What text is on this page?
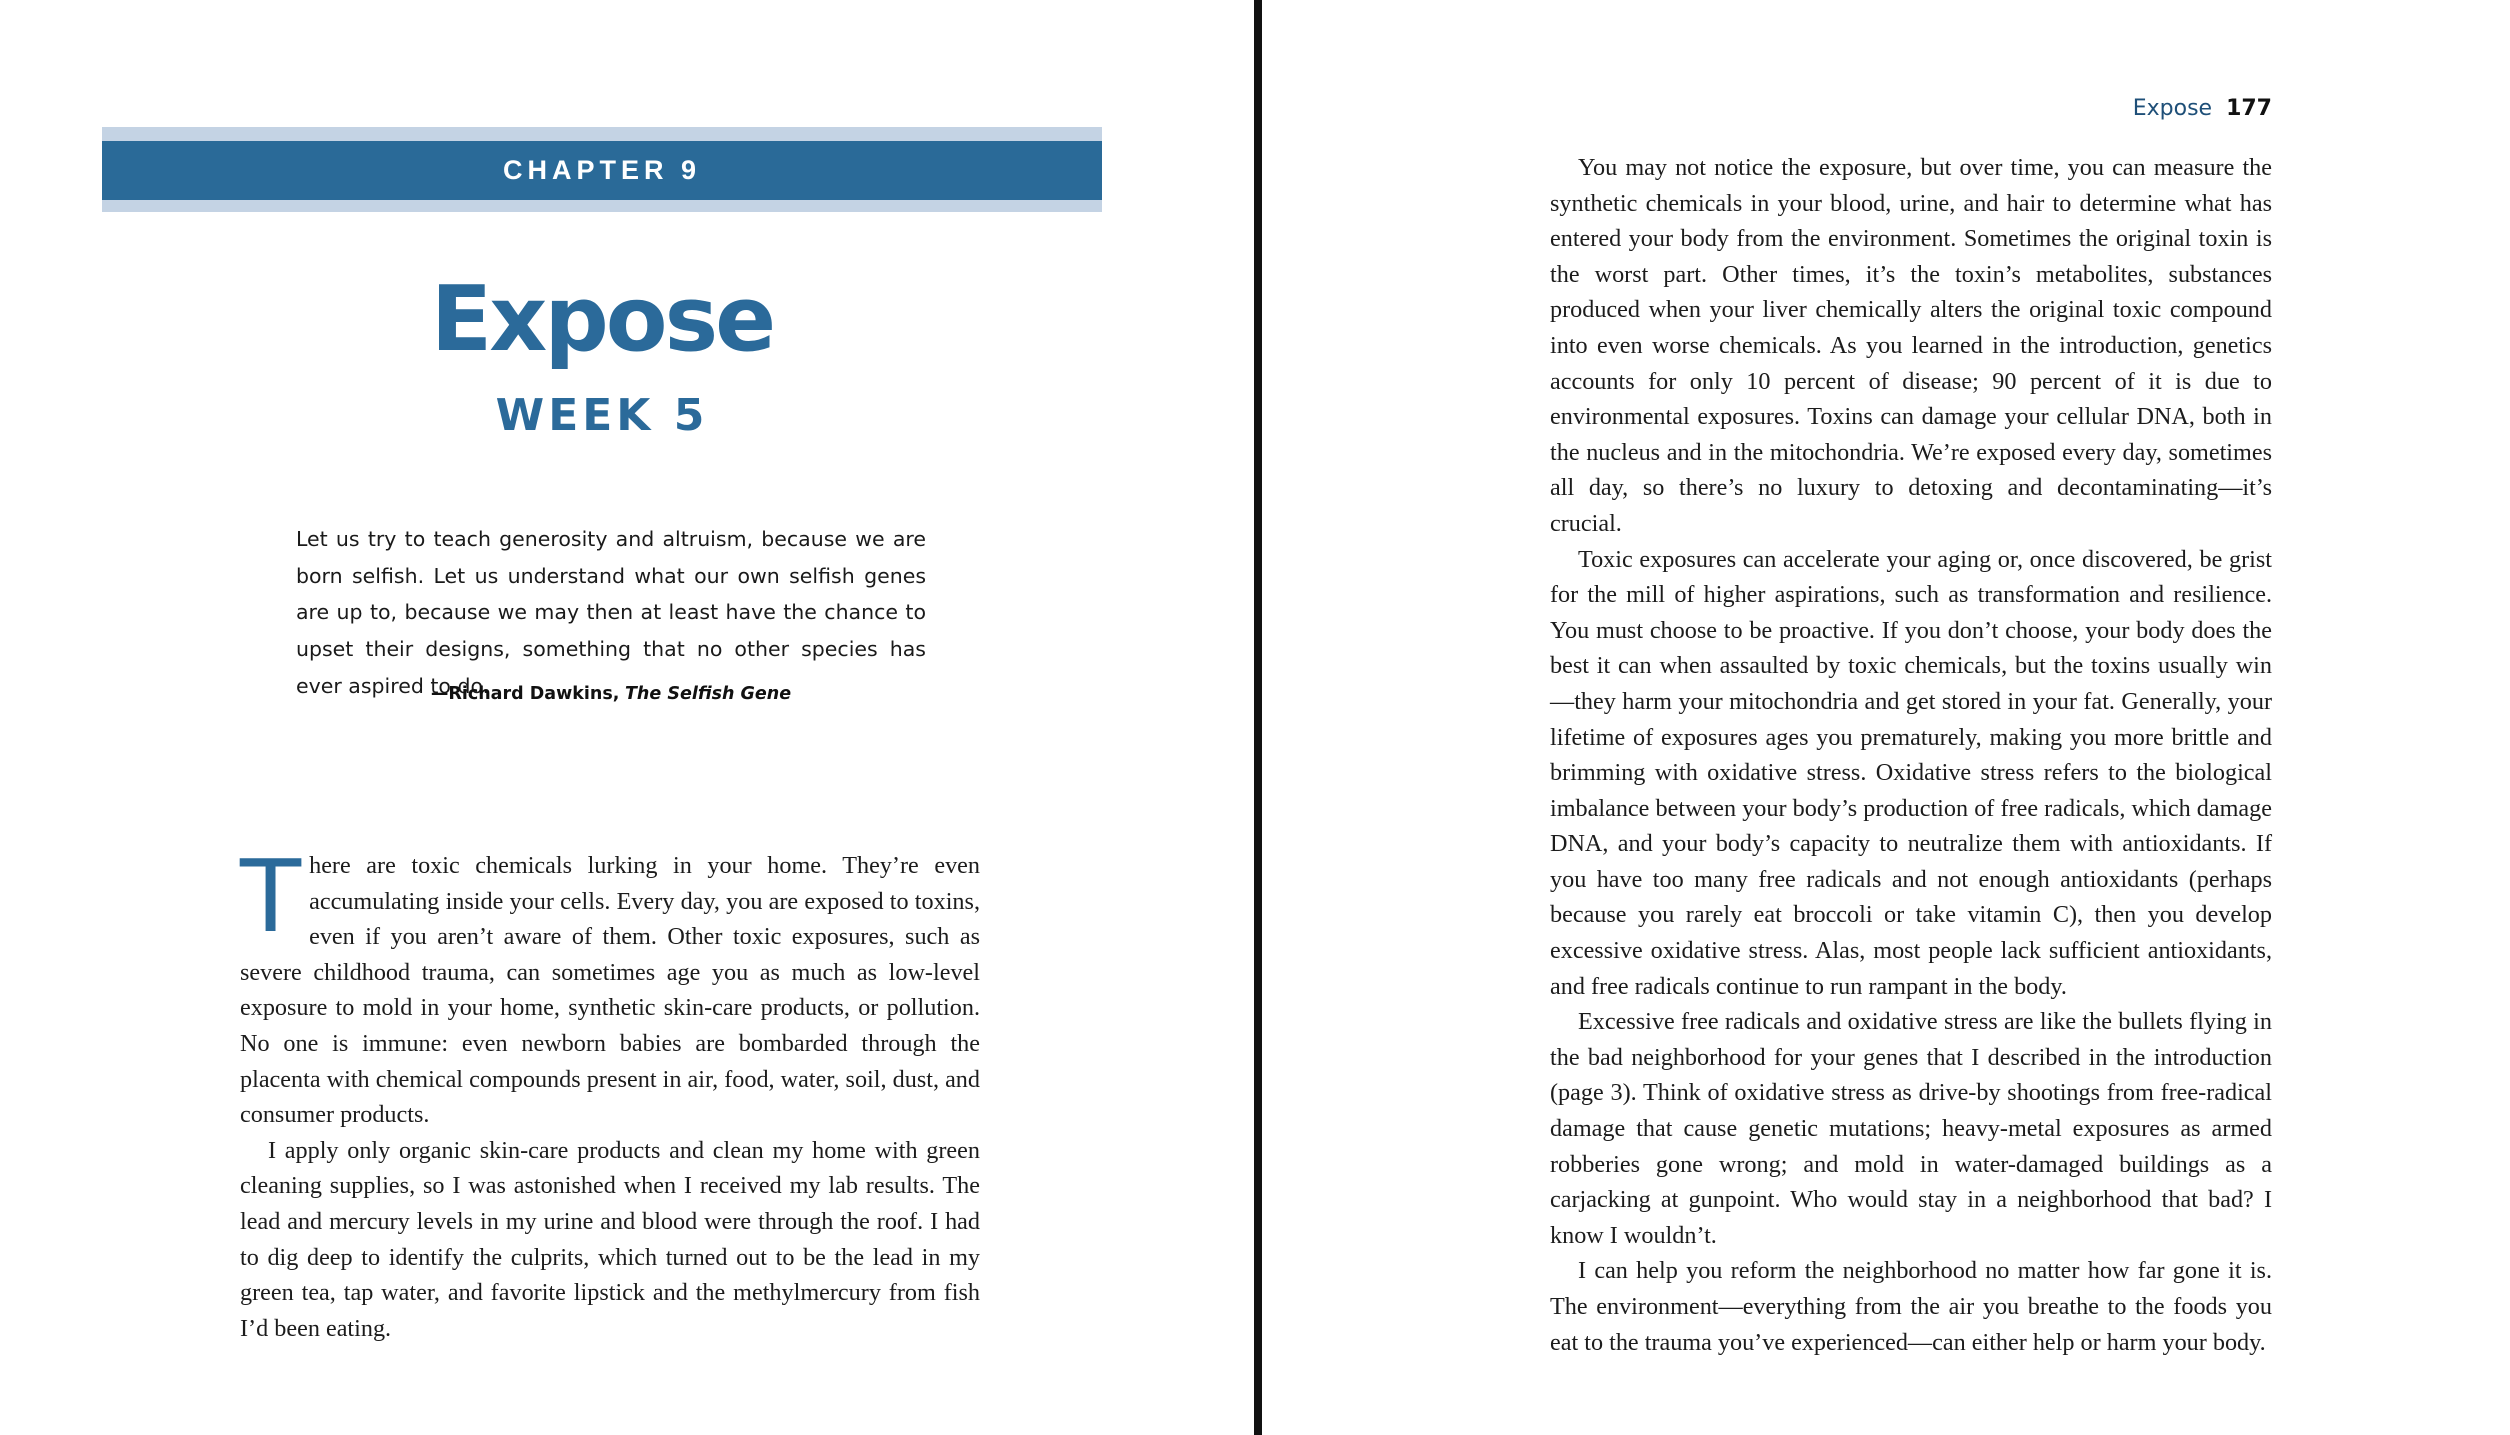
CHAPTER 9
Expose
WEEK 5

Let us try to teach generosity and altruism, because we are born selfish. Let us understand what our own selfish genes are up to, because we may then at least have the chance to upset their designs, something that no other species has ever aspired to do.

—Richard Dawkins, The Selfish Gene

There are toxic chemicals lurking in your home. They’re even accumulating inside your cells. Every day, you are exposed to toxins, even if you aren’t aware of them. Other toxic exposures, such as severe childhood trauma, can sometimes age you as much as low-level exposure to mold in your home, synthetic skin-care products, or pollution. No one is immune: even newborn babies are bombarded through the placenta with chemical compounds present in air, food, water, soil, dust, and consumer products.

I apply only organic skin-care products and clean my home with green cleaning supplies, so I was astonished when I received my lab results. The lead and mercury levels in my urine and blood were through the roof. I had to dig deep to identify the culprits, which turned out to be the lead in my green tea, tap water, and favorite lipstick and the methylmercury from fish I’d been eating.

Expose 177

You may not notice the exposure, but over time, you can measure the synthetic chemicals in your blood, urine, and hair to determine what has entered your body from the environment. Sometimes the original toxin is the worst part. Other times, it’s the toxin’s metabolites, substances produced when your liver chemically alters the original toxic compound into even worse chemicals. As you learned in the introduction, genetics accounts for only 10 percent of disease; 90 percent of it is due to environmental exposures. Toxins can damage your cellular DNA, both in the nucleus and in the mitochondria. We’re exposed every day, sometimes all day, so there’s no luxury to detoxing and decontaminating—it’s crucial.

Toxic exposures can accelerate your aging or, once discovered, be grist for the mill of higher aspirations, such as transformation and resilience. You must choose to be proactive. If you don’t choose, your body does the best it can when assaulted by toxic chemicals, but the toxins usually win—they harm your mitochondria and get stored in your fat. Generally, your lifetime of exposures ages you prematurely, making you more brittle and brimming with oxidative stress. Oxidative stress refers to the biological imbalance between your body’s production of free radicals, which damage DNA, and your body’s capacity to neutralize them with antioxidants. If you have too many free radicals and not enough antioxidants (perhaps because you rarely eat broccoli or take vitamin C), then you develop excessive oxidative stress. Alas, most people lack sufficient antioxidants, and free radicals continue to run rampant in the body.

Excessive free radicals and oxidative stress are like the bullets flying in the bad neighborhood for your genes that I described in the introduction (page 3). Think of oxidative stress as drive-by shootings from free-radical damage that cause genetic mutations; heavy-metal exposures as armed robberies gone wrong; and mold in water-damaged buildings as a carjacking at gunpoint. Who would stay in a neighborhood that bad? I know I wouldn’t.

I can help you reform the neighborhood no matter how far gone it is. The environment—everything from the air you breathe to the foods you eat to the trauma you’ve experienced—can either help or harm your body.
